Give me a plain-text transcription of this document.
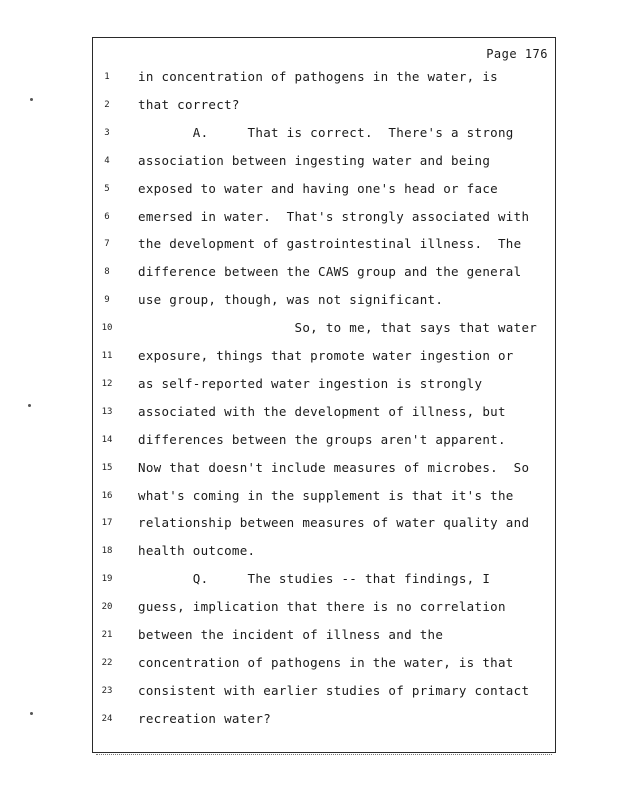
Page 176
1	in concentration of pathogens in the water, is
2	that correct?
3	A.     That is correct.  There's a strong
4	association between ingesting water and being
5	exposed to water and having one's head or face
6	emersed in water.  That's strongly associated with
7	the development of gastrointestinal illness.  The
8	difference between the CAWS group and the general
9	use group, though, was not significant.
10	So, to me, that says that water
11	exposure, things that promote water ingestion or
12	as self-reported water ingestion is strongly
13	associated with the development of illness, but
14	differences between the groups aren't apparent.
15	Now that doesn't include measures of microbes.  So
16	what's coming in the supplement is that it's the
17	relationship between measures of water quality and
18	health outcome.
19	Q.     The studies -- that findings, I
20	guess, implication that there is no correlation
21	between the incident of illness and the
22	concentration of pathogens in the water, is that
23	consistent with earlier studies of primary contact
24	recreation water?
